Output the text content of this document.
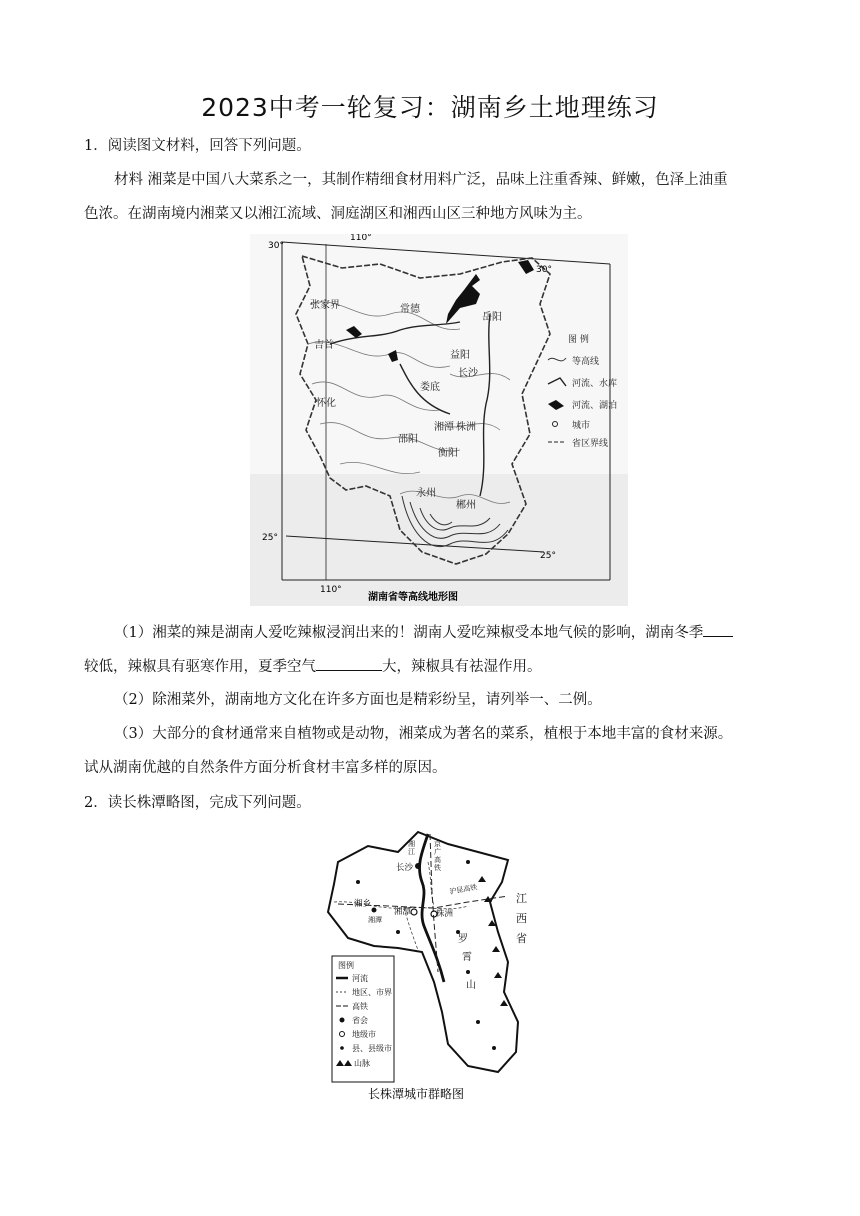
2023中考一轮复习：湖南乡土地理练习
1．阅读图文材料，回答下列问题。
材料 湘菜是中国八大菜系之一，其制作精细食材用料广泛，品味上注重香辣、鲜嫩，色泽上油重
色浓。在湖南境内湘菜又以湘江流域、洞庭湖区和湘西山区三种地方风味为主。
30°
110°
30°
25°
25°
110°
张家界	常德
岳阳
吉首
益阳
长沙
怀化
娄底
湘潭 株洲
邵阳
衡阳
永州
郴州
图 例
等高线
河流、水库
河流、湖泊
城市
省区界线
湖南省等高线地形图
（1）湘菜的辣是湖南人爱吃辣椒浸润出来的！湖南人爱吃辣椒受本地气候的影响，湖南冬季
较低，辣椒具有驱寒作用，夏季空气	大，辣椒具有祛湿作用。
（2）除湘菜外，湖南地方文化在许多方面也是精彩纷呈，请列举一、二例。
（3）大部分的食材通常来自植物或是动物，湘菜成为著名的菜系，植根于本地丰富的食材来源。
试从湖南优越的自然条件方面分析食材丰富多样的原因。
2．读长株潭略图，完成下列问题。
长沙
湘潭	株洲
湘乡
罗
霄
山
江
西
省
京
广
高
铁
湘
江
湘潭
沪昆高铁
图例
河流
地区、市界
高铁
省会
地级市
县、县级市
山脉
长株潭城市群略图
